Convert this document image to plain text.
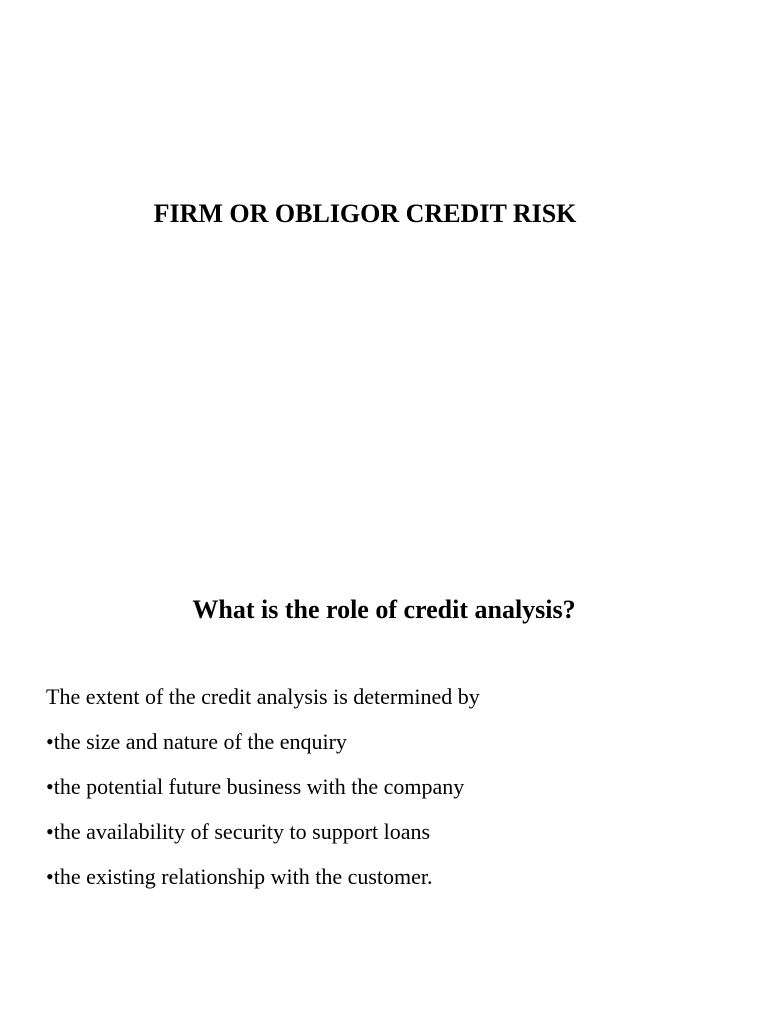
FIRM OR OBLIGOR CREDIT RISK
What is the role of credit analysis?
The extent of the credit analysis is determined by
•the size and nature of the enquiry
•the potential future business with the company
•the availability of security to support loans
•the existing relationship with the customer.
